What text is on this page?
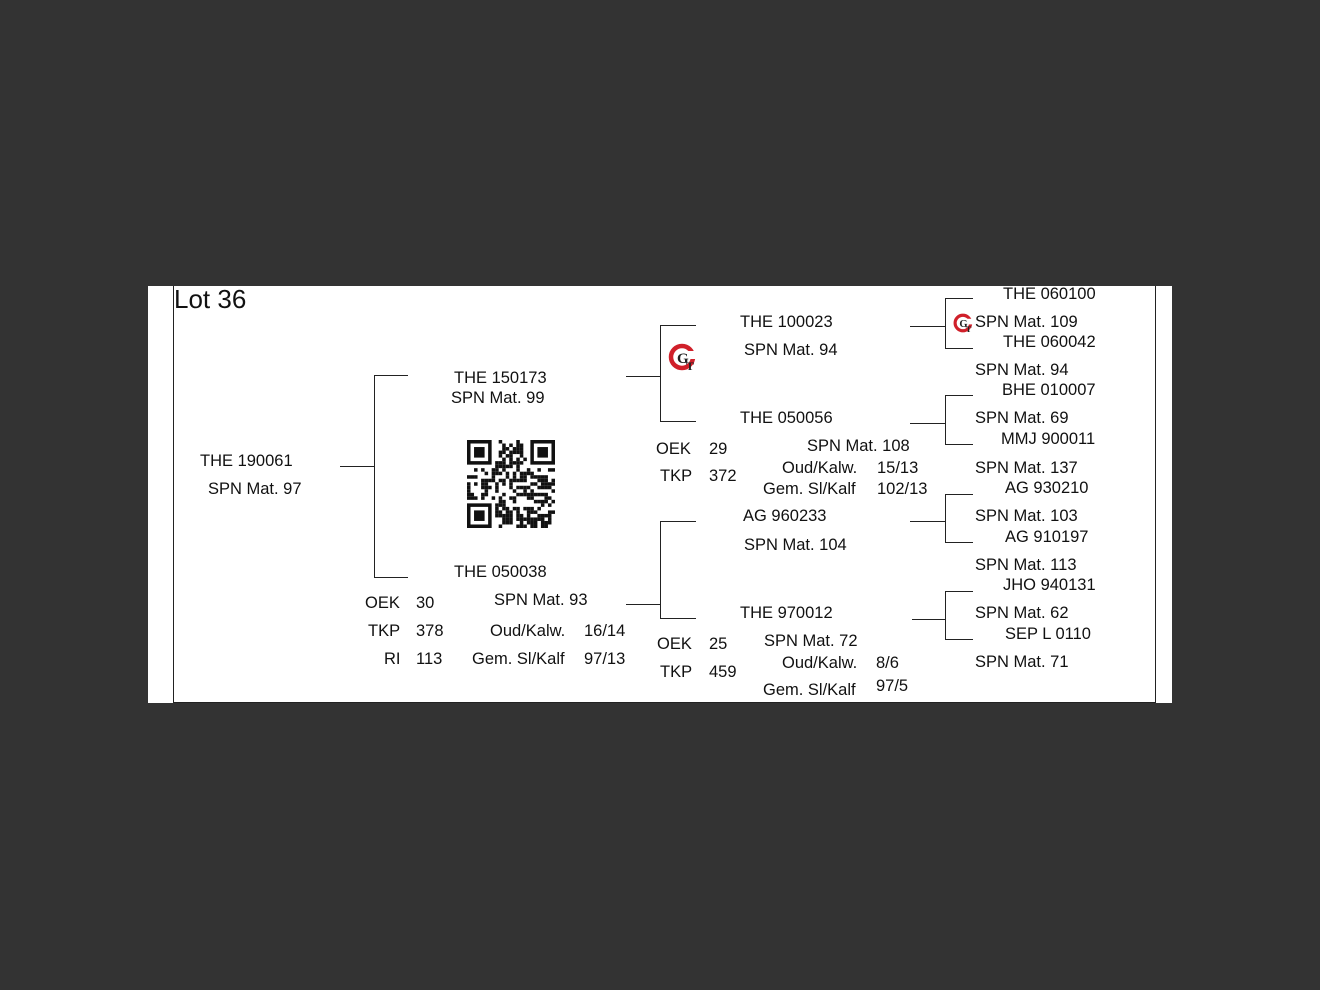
Lot 36
THE 190061
SPN Mat. 97
THE 150173
SPN Mat. 99
THE 050038
SPN Mat. 93
OEK 30
TKP 378
RI 113
Oud/Kalw. 16/14
Gem. Sl/Kalf 97/13
G
T
THE 100023
SPN Mat. 94
THE 050056
SPN Mat. 108
OEK 29
TKP 372	Oud/Kalw. 15/13
Gem. Sl/Kalf 102/13
AG 960233
SPN Mat. 104
THE 970012
SPN Mat. 72
OEK 25
TKP 459	Oud/Kalw. 8/6
Gem. Sl/Kalf 97/5
G
T
THE 060100
SPN Mat. 109
THE 060042
SPN Mat. 94
BHE 010007
SPN Mat. 69
MMJ 900011
SPN Mat. 137
AG 930210
SPN Mat. 103
AG 910197
SPN Mat. 113
JHO 940131
SPN Mat. 62
SEP L 0110
SPN Mat. 71
